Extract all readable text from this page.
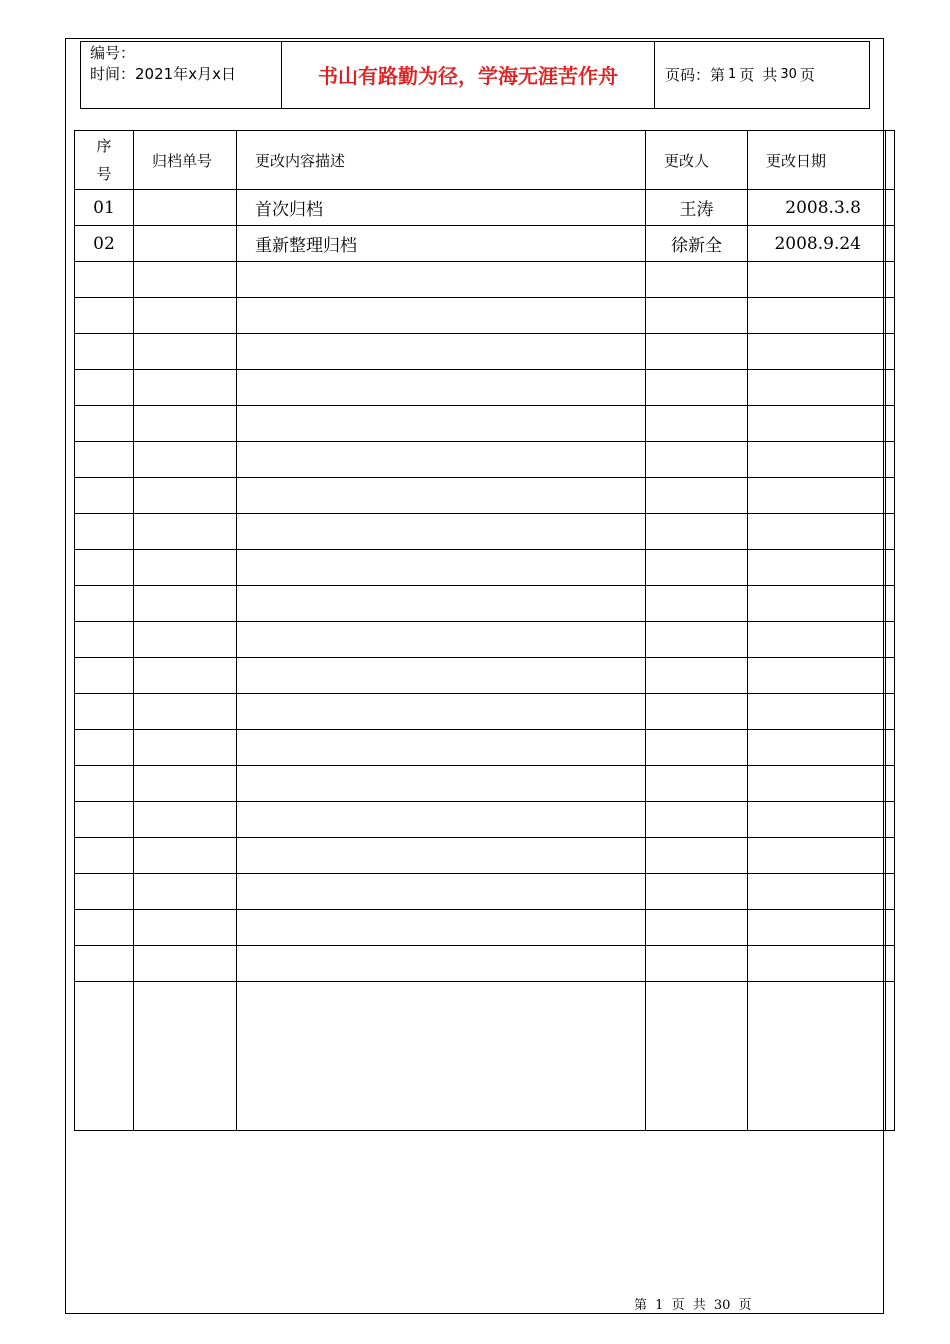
编号：
时间：2021年x月x日	书山有路勤为径，学海无涯苦作舟	页码：第 1 页 共 30 页
序
号	归档单号	更改内容描述	更改人	更改日期	
01		首次归档	王涛	2008.3.8	
02		重新整理归档	徐新全	2008.9.24	

第 1 页 共 30 页
